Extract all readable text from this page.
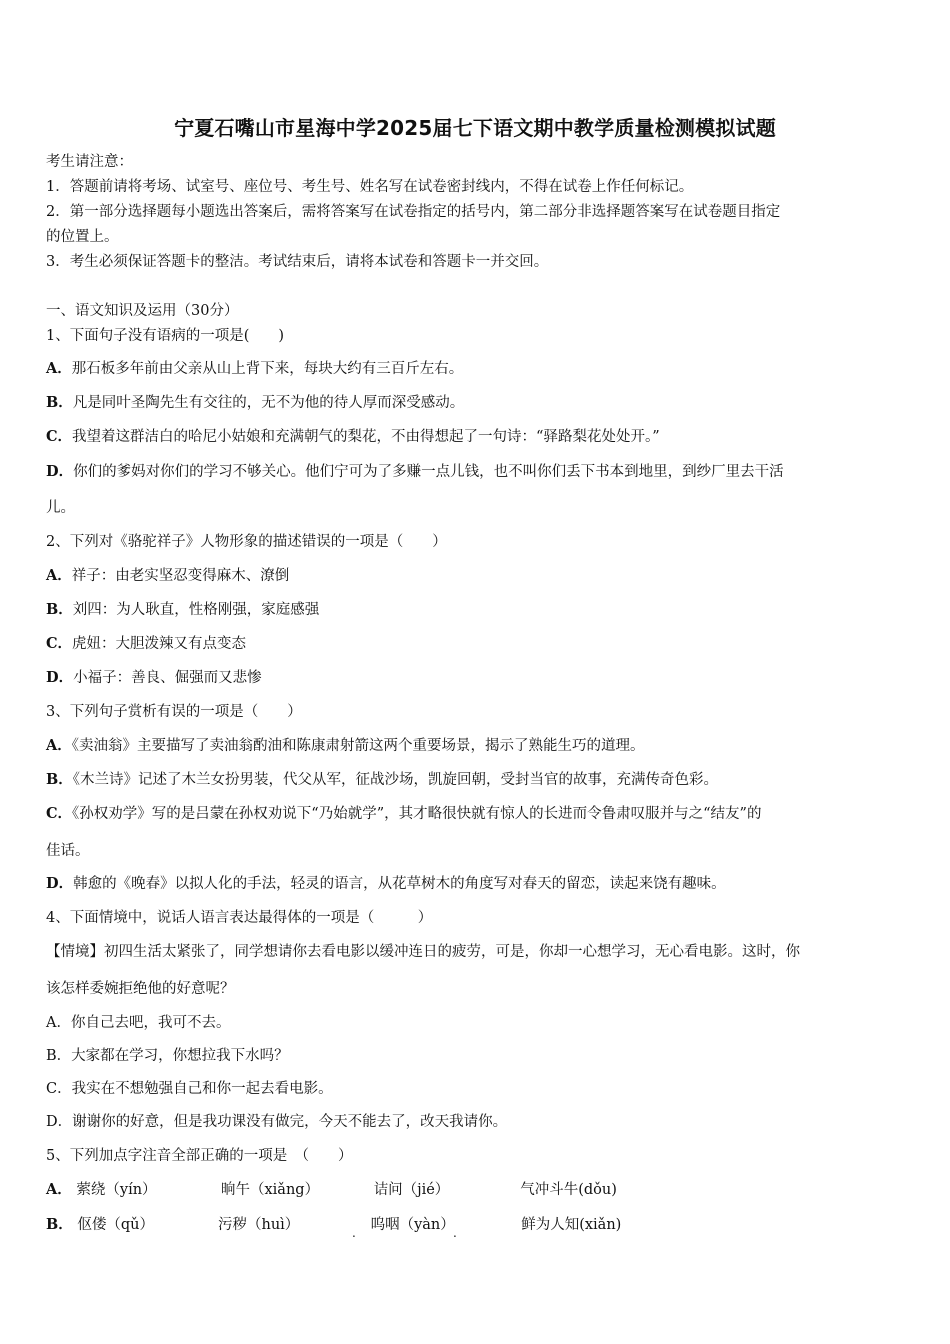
宁夏石嘴山市星海中学2025届七下语文期中教学质量检测模拟试题
考生请注意：
1．答题前请将考场、试室号、座位号、考生号、姓名写在试卷密封线内，不得在试卷上作任何标记。
2．第一部分选择题每小题选出答案后，需将答案写在试卷指定的括号内，第二部分非选择题答案写在试卷题目指定
的位置上。
3．考生必须保证答题卡的整洁。考试结束后，请将本试卷和答题卡一并交回。
一、语文知识及运用（30分）
1、下面句子没有语病的一项是(　　)
A．那石板多年前由父亲从山上背下来，每块大约有三百斤左右。
B．凡是同叶圣陶先生有交往的，无不为他的待人厚而深受感动。
C．我望着这群洁白的哈尼小姑娘和充满朝气的梨花，不由得想起了一句诗：“驿路梨花处处开。”
D．你们的爹妈对你们的学习不够关心。他们宁可为了多赚一点儿钱，也不叫你们丢下书本到地里，到纱厂里去干活
儿。
2、下列对《骆驼祥子》人物形象的描述错误的一项是（　　）
A．祥子：由老实坚忍变得麻木、潦倒
B．刘四：为人耿直，性格刚强，家庭感强
C．虎妞：大胆泼辣又有点变态
D．小福子：善良、倔强而又悲惨
3、下列句子赏析有误的一项是（　　）
A．《卖油翁》主要描写了卖油翁酌油和陈康肃射箭这两个重要场景，揭示了熟能生巧的道理。
B．《木兰诗》记述了木兰女扮男装，代父从军，征战沙场，凯旋回朝，受封当官的故事，充满传奇色彩。
C．《孙权劝学》写的是吕蒙在孙权劝说下“乃始就学”，其才略很快就有惊人的长进而令鲁肃叹服并与之“结友”的
佳话。
D．韩愈的《晚春》以拟人化的手法，轻灵的语言，从花草树木的角度写对春天的留恋，读起来饶有趣味。
4、下面情境中，说话人语言表达最得体的一项是（　　　）
【情境】初四生活太紧张了，同学想请你去看电影以缓冲连日的疲劳，可是，你却一心想学习，无心看电影。这时，你
该怎样委婉拒绝他的好意呢？
A．你自己去吧，我可不去。
B．大家都在学习，你想拉我下水吗？
C．我实在不想勉强自己和你一起去看电影。
D．谢谢你的好意，但是我功课没有做完，今天不能去了，改天我请你。
5、下列加点字注音全部正确的一项是　（　　）
A． 萦绕（yín）	晌午（xiǎng）	诘问（jié）	气冲斗牛(dǒu)
B． 伛偻（qǔ）	污秽（huì）	呜咽（yàn）	鲜为人知(xiǎn)
.	.
